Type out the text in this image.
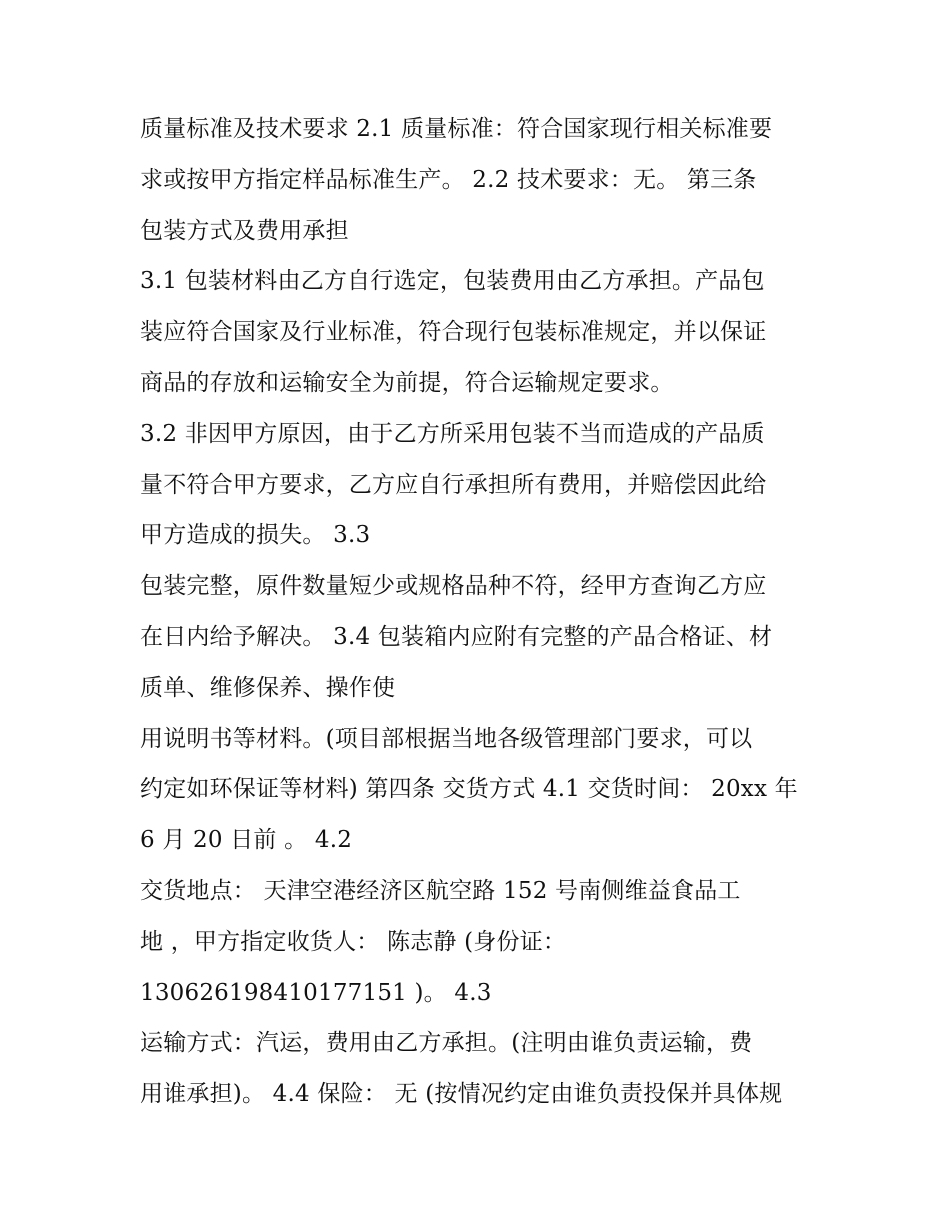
质量标准及技术要求 2.1 质量标准：符合国家现行相关标准要
求或按甲方指定样品标准生产。 2.2 技术要求：无。 第三条
包装方式及费用承担
3.1 包装材料由乙方自行选定，包装费用由乙方承担。产品包
装应符合国家及行业标准，符合现行包装标准规定，并以保证
商品的存放和运输安全为前提，符合运输规定要求。
3.2 非因甲方原因，由于乙方所采用包装不当而造成的产品质
量不符合甲方要求，乙方应自行承担所有费用，并赔偿因此给
甲方造成的损失。 3.3
包装完整，原件数量短少或规格品种不符，经甲方查询乙方应
在日内给予解决。 3.4 包装箱内应附有完整的产品合格证、材
质单、维修保养、操作使
用说明书等材料。(项目部根据当地各级管理部门要求，可以
约定如环保证等材料) 第四条 交货方式 4.1 交货时间： 20xx 年
6 月 20 日前 。 4.2
交货地点： 天津空港经济区航空路 152 号南侧维益食品工
地 ，甲方指定收货人： 陈志静 (身份证：
130626198410177151 )。 4.3
运输方式：汽运，费用由乙方承担。(注明由谁负责运输，费
用谁承担)。 4.4 保险： 无 (按情况约定由谁负责投保并具体规
